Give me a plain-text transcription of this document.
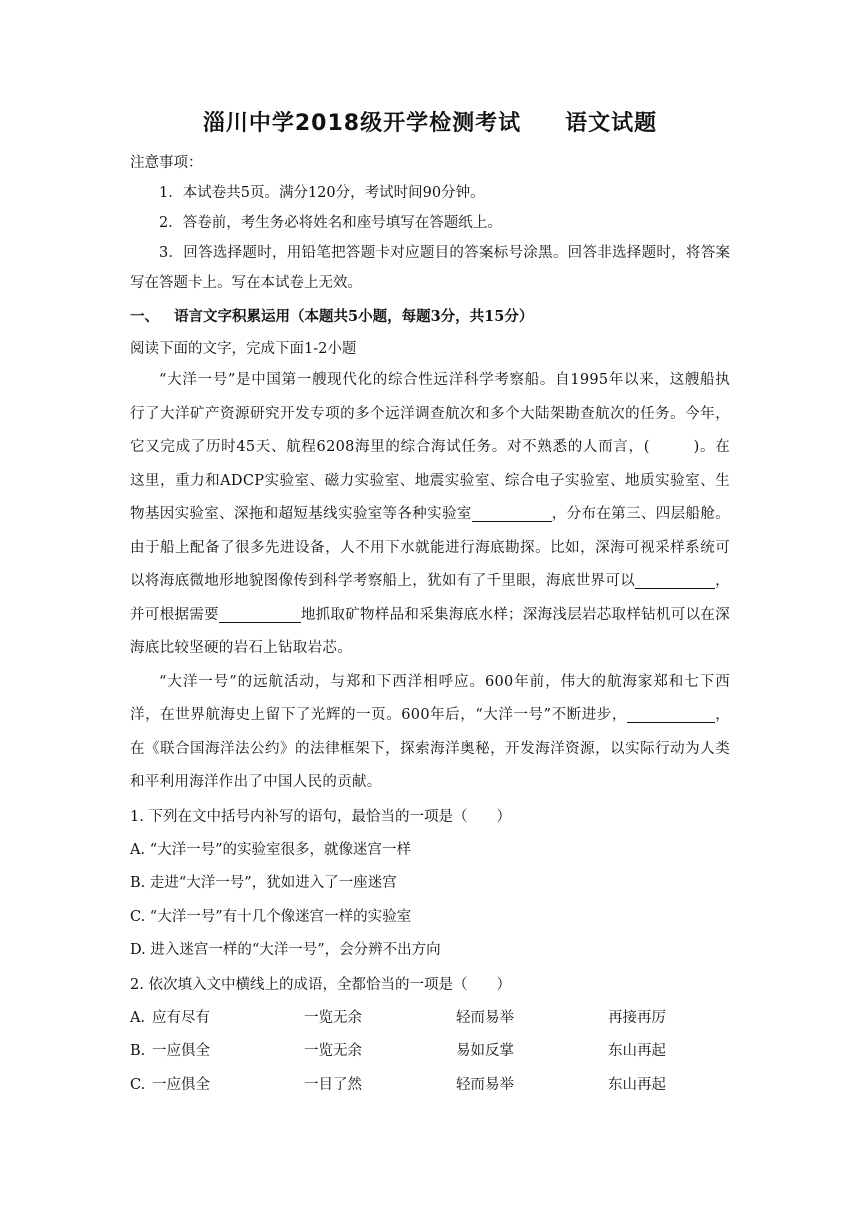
淄川中学2018级开学检测考试 语文试题

注意事项：

1．本试卷共5页。满分120分，考试时间90分钟。

2．答卷前，考生务必将姓名和座号填写在答题纸上。

3．回答选择题时，用铅笔把答题卡对应题目的答案标号涂黑。回答非选择题时，将答案写在答题卡上。写在本试卷上无效。

一、 语言文字积累运用（本题共5小题，每题3分，共15分）

阅读下面的文字，完成下面1-2小题

“大洋一号”是中国第一艘现代化的综合性远洋科学考察船。自1995年以来，这艘船执行了大洋矿产资源研究开发专项的多个远洋调查航次和多个大陆架勘查航次的任务。今年，它又完成了历时45天、航程6208海里的综合海试任务。对不熟悉的人而言，(	)。在这里，重力和ADCP实验室、磁力实验室、地震实验室、综合电子实验室、地质实验室、生物基因实验室、深拖和超短基线实验室等各种实验室	，分布在第三、四层船舱。由于船上配备了很多先进设备，人不用下水就能进行海底勘探。比如，深海可视采样系统可以将海底微地形地貌图像传到科学考察船上，犹如有了千里眼，海底世界可以	，并可根据需要	地抓取矿物样品和采集海底水样；深海浅层岩芯取样钻机可以在深海底比较坚硬的岩石上钻取岩芯。

“大洋一号”的远航活动，与郑和下西洋相呼应。600年前，伟大的航海家郑和七下西洋，在世界航海史上留下了光辉的一页。600年后，“大洋一号”不断进步，	，在《联合国海洋法公约》的法律框架下，探索海洋奥秘，开发海洋资源，以实际行动为人类和平利用海洋作出了中国人民的贡献。

1. 下列在文中括号内补写的语句，最恰当的一项是（　　）

A. “大洋一号”的实验室很多，就像迷宫一样

B. 走进“大洋一号”，犹如进入了一座迷宫

C. “大洋一号”有十几个像迷宫一样的实验室

D. 进入迷宫一样的“大洋一号”，会分辨不出方向

2. 依次填入文中横线上的成语，全都恰当的一项是（　　）

A. 应有尽有	一览无余	轻而易举	再接再厉
B. 一应俱全	一览无余	易如反掌	东山再起
C. 一应俱全	一目了然	轻而易举	东山再起
